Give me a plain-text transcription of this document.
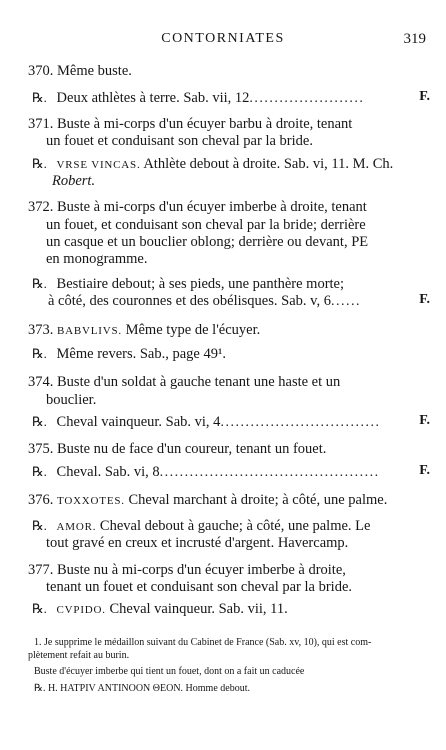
CONTORNIATES	319
370. Même buste.
℞. Deux athlètes à terre. Sab. vii, 12.......................	F.
371. Buste à mi-corps d'un écuyer barbu à droite, tenant
un fouet et conduisant son cheval par la bride.
℞. VRSE VINCAS. Athlète debout à droite. Sab. vi, 11. M. Ch.
Robert.
372. Buste à mi-corps d'un écuyer imberbe à droite, tenant
un fouet, et conduisant son cheval par la bride; derrière
un casque et un bouclier oblong; derrière ou devant, PE
en monogramme.
℞. Bestiaire debout; à ses pieds, une panthère morte;
à côté, des couronnes et des obélisques. Sab. v, 6......	F.
373. BABVLIVS. Même type de l'écuyer.
℞. Même revers. Sab., page 49¹.
374. Buste d'un soldat à gauche tenant une haste et un
bouclier.
℞. Cheval vainqueur. Sab. vi, 4................................	F.
375. Buste nu de face d'un coureur, tenant un fouet.
℞. Cheval. Sab. vi, 8............................................	F.
376. TOXXOTES. Cheval marchant à droite; à côté, une palme.
℞. AMOR. Cheval debout à gauche; à côté, une palme. Le
tout gravé en creux et incrusté d'argent. Havercamp.
377. Buste nu à mi-corps d'un écuyer imberbe à droite,
tenant un fouet et conduisant son cheval par la bride.
℞. CVPIDO. Cheval vainqueur. Sab. vii, 11.
1. Je supprime le médaillon suivant du Cabinet de France (Sab. xv, 10), qui est com-
plètement refait au burin.
Buste d'écuyer imberbe qui tient un fouet, dont on a fait un caducée
℞. H. HATPIV ANTINOON ΘΕΟΝ. Homme debout.
